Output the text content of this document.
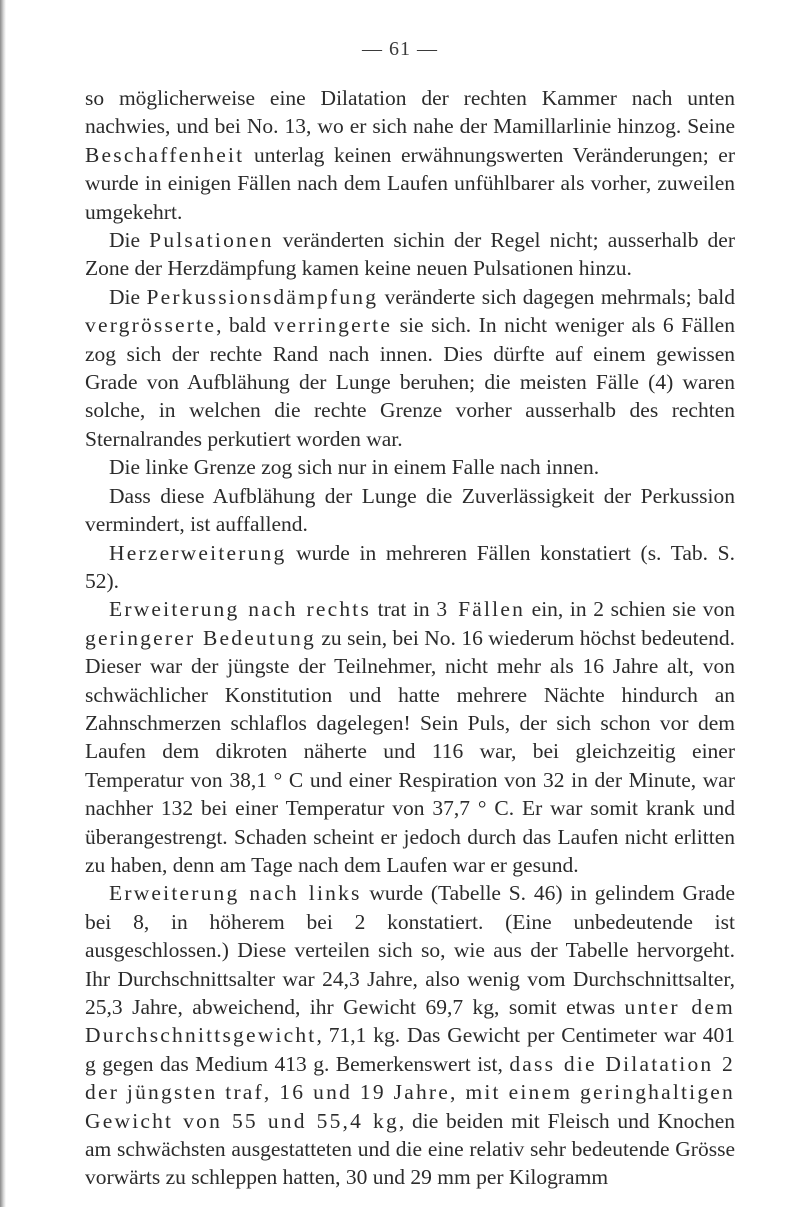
— 61 —

so möglicherweise eine Dilatation der rechten Kammer nach unten nachwies, und bei No. 13, wo er sich nahe der Mamillarlinie hinzog. Seine Beschaffenheit unterlag keinen erwähnungswerten Veränderungen; er wurde in einigen Fällen nach dem Laufen unfühlbarer als vorher, zuweilen umgekehrt.

Die Pulsationen veränderten sichin der Regel nicht; ausserhalb der Zone der Herzdämpfung kamen keine neuen Pulsationen hinzu.

Die Perkussionsdämpfung veränderte sich dagegen mehrmals; bald vergrösserte, bald verringerte sie sich. In nicht weniger als 6 Fällen zog sich der rechte Rand nach innen. Dies dürfte auf einem gewissen Grade von Aufblähung der Lunge beruhen; die meisten Fälle (4) waren solche, in welchen die rechte Grenze vorher ausserhalb des rechten Sternalrandes perkutiert worden war.

Die linke Grenze zog sich nur in einem Falle nach innen.

Dass diese Aufblähung der Lunge die Zuverlässigkeit der Perkussion vermindert, ist auffallend.

Herzerweiterung wurde in mehreren Fällen konstatiert (s. Tab. S. 52).

Erweiterung nach rechts trat in 3 Fällen ein, in 2 schien sie von geringerer Bedeutung zu sein, bei No. 16 wiederum höchst bedeutend. Dieser war der jüngste der Teilnehmer, nicht mehr als 16 Jahre alt, von schwächlicher Konstitution und hatte mehrere Nächte hindurch an Zahnschmerzen schlaflos dagelegen! Sein Puls, der sich schon vor dem Laufen dem dikroten näherte und 116 war, bei gleichzeitig einer Temperatur von 38,1 ° C und einer Respiration von 32 in der Minute, war nachher 132 bei einer Temperatur von 37,7 ° C. Er war somit krank und überangestrengt. Schaden scheint er jedoch durch das Laufen nicht erlitten zu haben, denn am Tage nach dem Laufen war er gesund.

Erweiterung nach links wurde (Tabelle S. 46) in gelindem Grade bei 8, in höherem bei 2 konstatiert. (Eine unbedeutende ist ausgeschlossen.) Diese verteilen sich so, wie aus der Tabelle hervorgeht. Ihr Durchschnittsalter war 24,3 Jahre, also wenig vom Durchschnittsalter, 25,3 Jahre, abweichend, ihr Gewicht 69,7 kg, somit etwas unter dem Durchschnittsgewicht, 71,1 kg. Das Gewicht per Centimeter war 401 g gegen das Medium 413 g. Bemerkenswert ist, dass die Dilatation 2 der jüngsten traf, 16 und 19 Jahre, mit einem geringhaltigen Gewicht von 55 und 55,4 kg, die beiden mit Fleisch und Knochen am schwächsten ausgestatteten und die eine relativ sehr bedeutende Grösse vorwärts zu schleppen hatten, 30 und 29 mm per Kilogramm
